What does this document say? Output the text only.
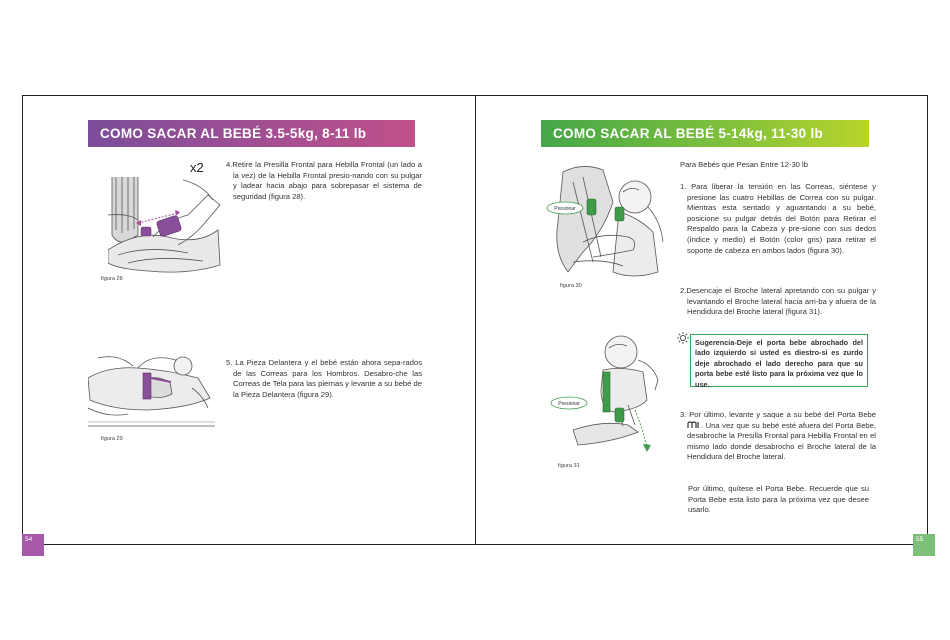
COMO SACAR AL BEBÉ 3.5-5kg, 8-11 lb
x2
figura 28
4.Retire la Presilla Frontal para Hebilla Frontal (un lado a la vez) de la Hebilla Frontal presio-nando con su pulgar y ladear hacia abajo para sobrepasar el sistema de seguridad (figura 28).
figura 29
5. La Pieza Delantera y el bebé están ahora sepa-rados de las Correas para los Hombros. Desabro-che las Correas de Tela para las piernas y levante a su bebé de la Pieza Delantera (figura 29).
54
COMO SACAR AL BEBÉ 5-14kg, 11-30 lb
Presionar
figura 30
Para Bebés que Pesan Entre 12-30 lb
1. Para liberar la tensión en las Correas, siéntese y presione las cuatro Hebillas de Correa con su pulgar. Mientras esta sentado y aguantando a su bebé, posicione su pulgar detrás del Botón para Retirar el Respaldo para la Cabeza y pre-sione con sus dedos (índice y medio) el Botón (color gris) para retirar el soporte de cabeza en ambos lados (figura 30).
2.Desencaje el Broche lateral apretando con su pulgar y levantando el Broche lateral hacia arri-ba y afuera de la Hendidura del Broche lateral (figura 31).
Sugerencia-Deje el porta bebe abrochado del lado izquierdo si usted es diestro-si es zurdo deje abrochado el lado derecho para que su porta bebe esté listo para la próxima vez que lo use.
Presionar
figura 31
3. Por último, levante y saque a su bebé del Porta Bebe . Una vez que su bebé esté afuera del Porta Bebe, desabroche la Presilla Frontal para Hebilla Frontal en el mismo lado donde desabrocho el Broche lateral de la Hendidura del Broche lateral.
Por último, quítese el Porta Bebe. Recuerde que su Porta Bebe esta listo para la próxima vez que desee usarlo.
55
